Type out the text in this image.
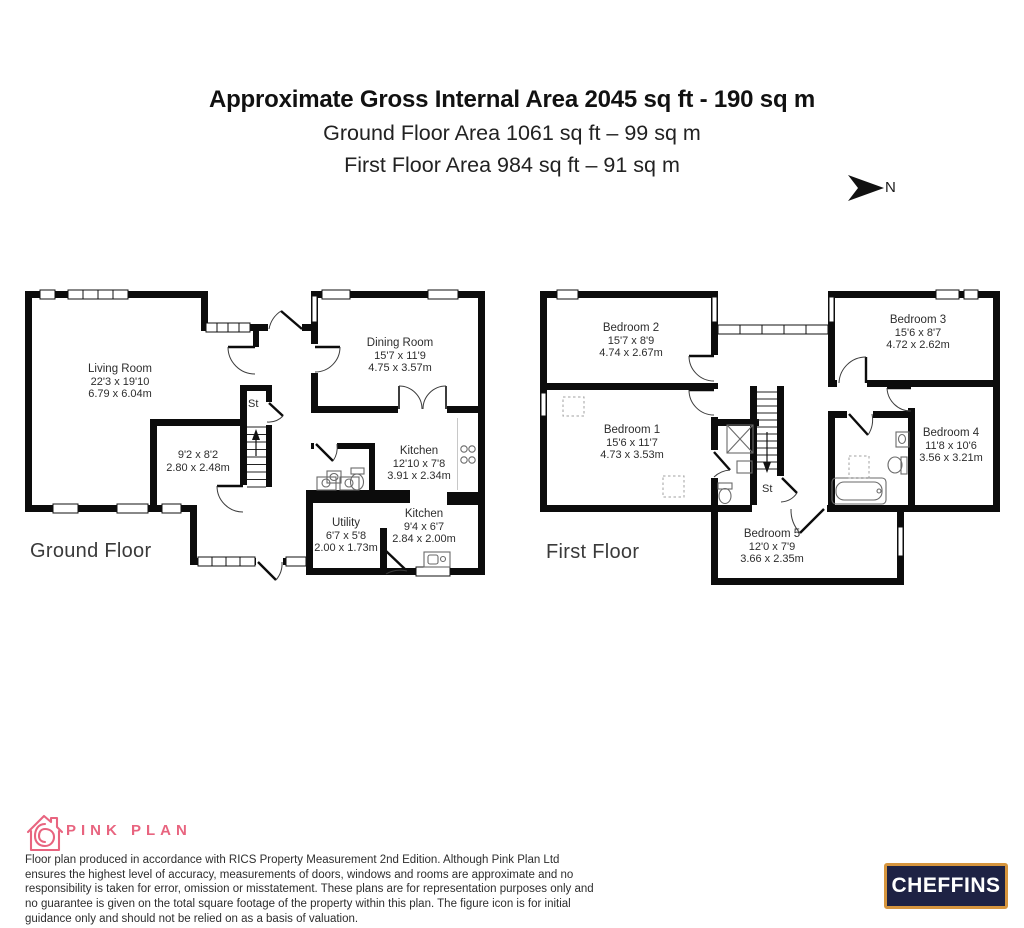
Approximate Gross Internal Area 2045 sq ft - 190 sq m
Ground Floor Area 1061 sq ft – 99 sq m
First Floor Area 984 sq ft – 91 sq m
N
Living Room
22'3 x 19'10
6.79 x 6.04m
9'2 x 8'2
2.80 x 2.48m
St
Dining Room
15'7 x 11'9
4.75 x 3.57m
Kitchen
12'10 x 7'8
3.91 x 2.34m
Kitchen
9'4 x 6'7
2.84 x 2.00m
Utility
6'7 x 5'8
2.00 x 1.73m
Bedroom 2
15'7 x 8'9
4.74 x 2.67m
Bedroom 1
15'6 x 11'7
4.73 x 3.53m
Bedroom 3
15'6 x 8'7
4.72 x 2.62m
Bedroom 4
11'8 x 10'6
3.56 x 3.21m
Bedroom 5
12'0 x 7'9
3.66 x 2.35m
St
Ground Floor	First Floor
PINK PLAN
Floor plan produced in accordance with RICS Property Measurement 2nd Edition. Although Pink Plan Ltd ensures the highest level of accuracy, measurements of doors, windows and rooms are approximate and no responsibility is taken for error, omission or misstatement. These plans are for representation purposes only and no guarantee is given on the total square footage of the property within this plan. The figure icon is for initial guidance only and should not be relied on as a basis of valuation.
CHEFFINS
